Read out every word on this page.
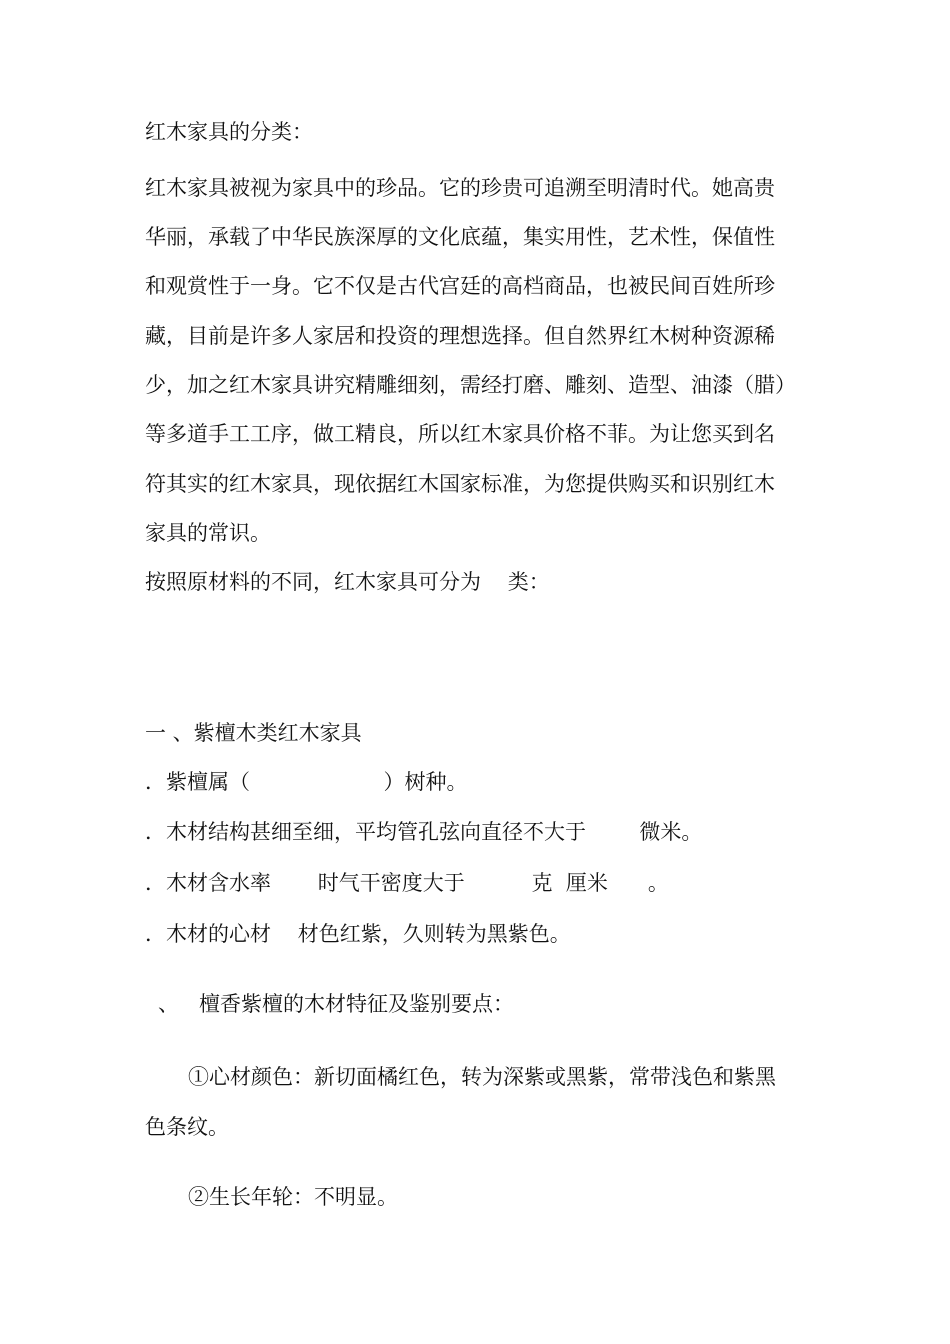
红木家具的分类：

红木家具被视为家具中的珍品。它的珍贵可追溯至明清时代。她高贵

华丽，承载了中华民族深厚的文化底蕴，集实用性，艺术性，保值性

和观赏性于一身。它不仅是古代宫廷的高档商品，也被民间百姓所珍

藏，目前是许多人家居和投资的理想选择。但自然界红木树种资源稀

少，加之红木家具讲究精雕细刻，需经打磨、雕刻、造型、油漆（腊）

等多道手工工序，做工精良，所以红木家具价格不菲。为让您买到名

符其实的红木家具，现依据红木国家标准，为您提供购买和识别红木

家具的常识。

按照原材料的不同，红木家具可分为    类：

一 、紫檀木类红木家具

．紫檀属（                    ）树种。

．木材结构甚细至细，平均管孔弦向直径不大于        微米。

．木材含水率       时气干密度大于          克  厘米      。

．木材的心材    材色红紫，久则转为黑紫色。

、   檀香紫檀的木材特征及鉴别要点：

①心材颜色：新切面橘红色，转为深紫或黑紫，常带浅色和紫黑

色条纹。

②生长年轮：不明显。
